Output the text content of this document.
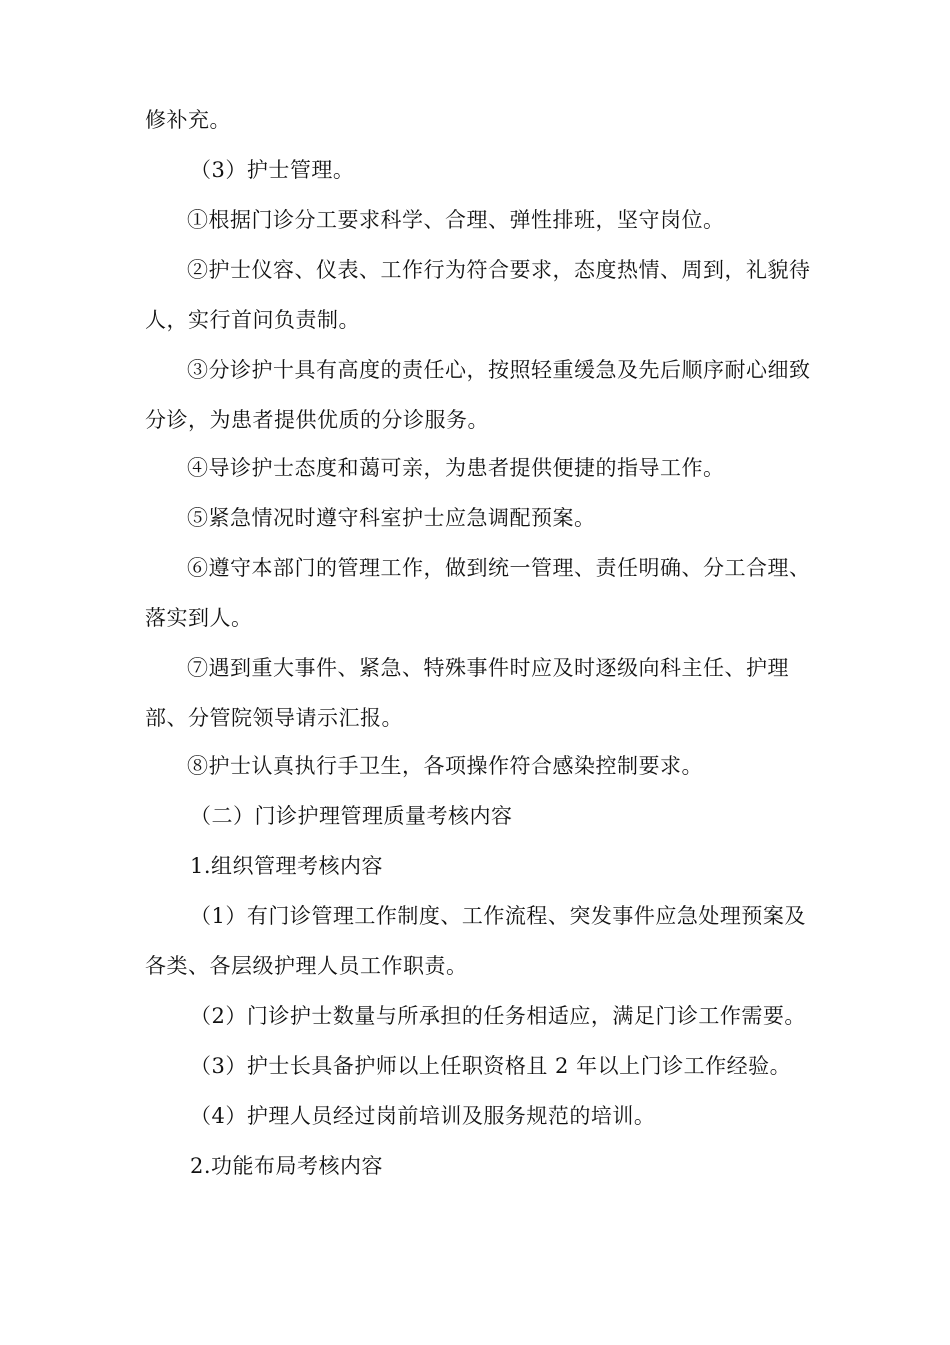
修补充。

（3）护士管理。

①根据门诊分工要求科学、合理、弹性排班，坚守岗位。

②护士仪容、仪表、工作行为符合要求，态度热情、周到，礼貌待人，实行首问负责制。

③分诊护十具有高度的责任心，按照轻重缓急及先后顺序耐心细致分诊，为患者提供优质的分诊服务。

④导诊护士态度和蔼可亲，为患者提供便捷的指导工作。

⑤紧急情况时遵守科室护士应急调配预案。

⑥遵守本部门的管理工作，做到统一管理、责任明确、分工合理、落实到人。

⑦遇到重大事件、紧急、特殊事件时应及时逐级向科主任、护理部、分管院领导请示汇报。

⑧护士认真执行手卫生，各项操作符合感染控制要求。

（二）门诊护理管理质量考核内容

1.组织管理考核内容

（1）有门诊管理工作制度、工作流程、突发事件应急处理预案及各类、各层级护理人员工作职责。

（2）门诊护士数量与所承担的任务相适应，满足门诊工作需要。

（3）护士长具备护师以上任职资格且 2 年以上门诊工作经验。

（4）护理人员经过岗前培训及服务规范的培训。

2.功能布局考核内容
